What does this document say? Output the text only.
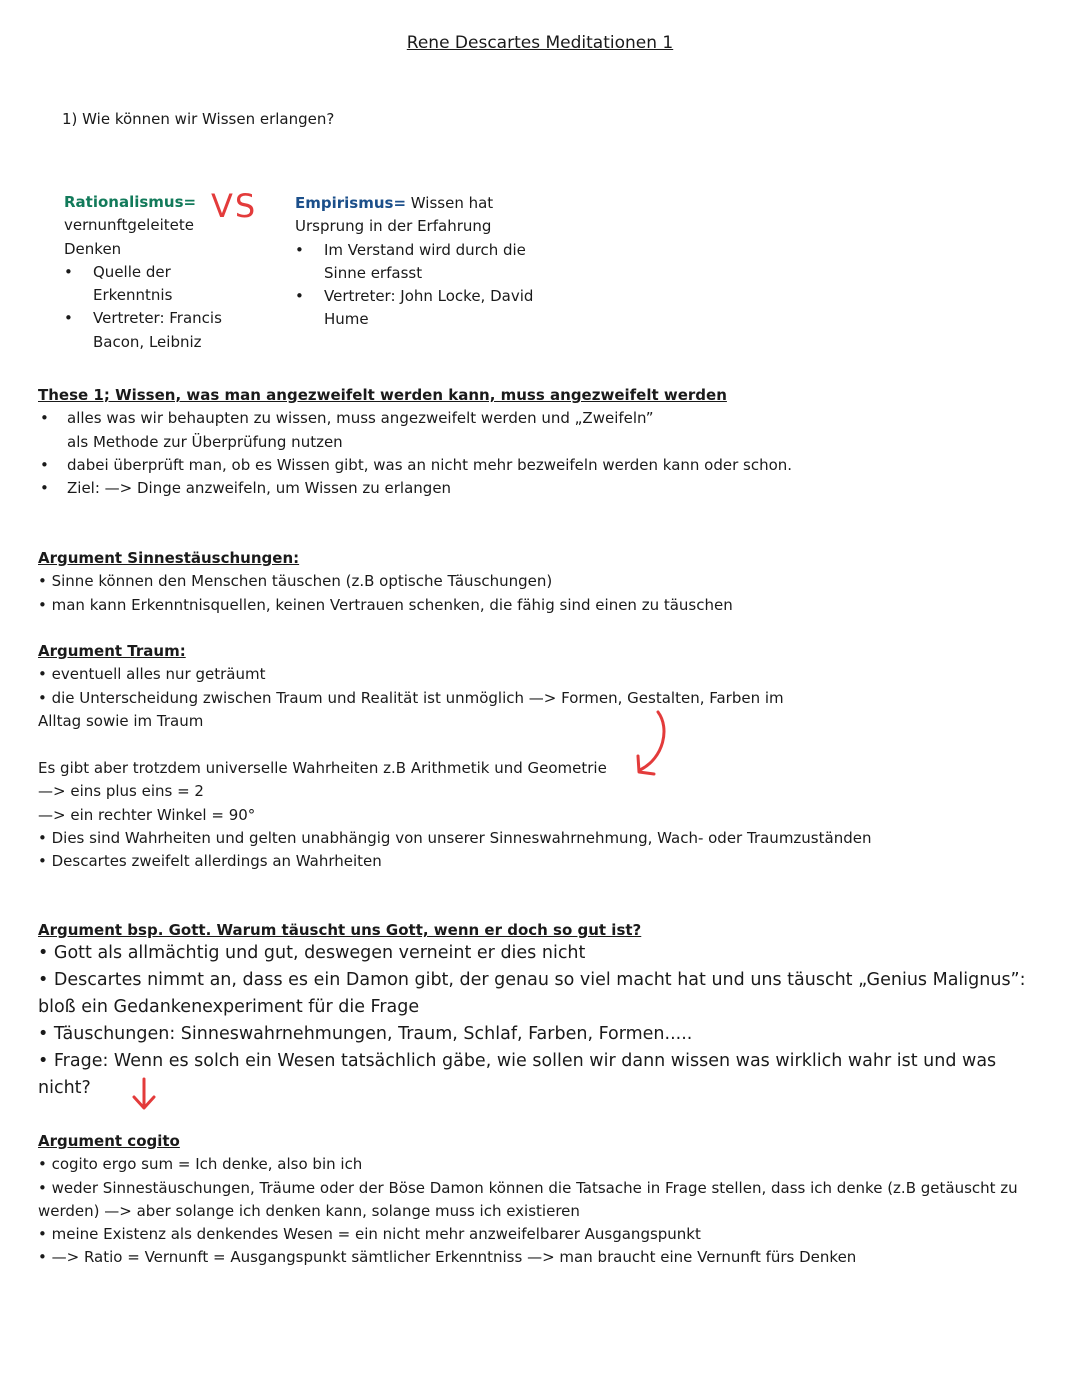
Rene Descartes Meditationen 1
1) Wie können wir Wissen erlangen?
Rationalismus=
vernunftgeleitete
Denken
• Quelle der Erkenntnis
• Vertreter: Francis Bacon, Leibniz
VS	Empirismus= Wissen hat Ursprung in der Erfahrung
• Im Verstand wird durch die Sinne erfasst
• Vertreter: John Locke, David Hume
These 1; Wissen, was man angezweifelt werden kann, muss angezweifelt werden
• alles was wir behaupten zu wissen, muss angezweifelt werden und „Zweifeln”
als Methode zur Überprüfung nutzen
• dabei überprüft man, ob es Wissen gibt, was an nicht mehr bezweifeln werden kann oder schon.
• Ziel: —> Dinge anzweifeln, um Wissen zu erlangen
Argument Sinnestäuschungen:
• Sinne können den Menschen täuschen (z.B optische Täuschungen)
• man kann Erkenntnisquellen, keinen Vertrauen schenken, die fähig sind einen zu täuschen
Argument Traum:
• eventuell alles nur geträumt
• die Unterscheidung zwischen Traum und Realität ist unmöglich —> Formen, Gestalten, Farben im
Alltag sowie im Traum
Es gibt aber trotzdem universelle Wahrheiten z.B Arithmetik und Geometrie
—> eins plus eins = 2
—> ein rechter Winkel = 90°
• Dies sind Wahrheiten und gelten unabhängig von unserer Sinneswahrnehmung, Wach- oder Traumzuständen
• Descartes zweifelt allerdings an Wahrheiten
Argument bsp. Gott. Warum täuscht uns Gott, wenn er doch so gut ist?
• Gott als allmächtig und gut, deswegen verneint er dies nicht
• Descartes nimmt an, dass es ein Damon gibt, der genau so viel macht hat und uns täuscht „Genius Malignus”:
bloß ein Gedankenexperiment für die Frage
• Täuschungen: Sinneswahrnehmungen, Traum, Schlaf, Farben, Formen.....
• Frage: Wenn es solch ein Wesen tatsächlich gäbe, wie sollen wir dann wissen was wirklich wahr ist und was
nicht?
Argument cogito
• cogito ergo sum = Ich denke, also bin ich
• weder Sinnestäuschungen, Träume oder der Böse Damon können die Tatsache in Frage stellen, dass ich denke (z.B getäuscht zu
werden) —> aber solange ich denken kann, solange muss ich existieren
• meine Existenz als denkendes Wesen = ein nicht mehr anzweifelbarer Ausgangspunkt
• —> Ratio = Vernunft = Ausgangspunkt sämtlicher Erkenntniss —> man braucht eine Vernunft fürs Denken
